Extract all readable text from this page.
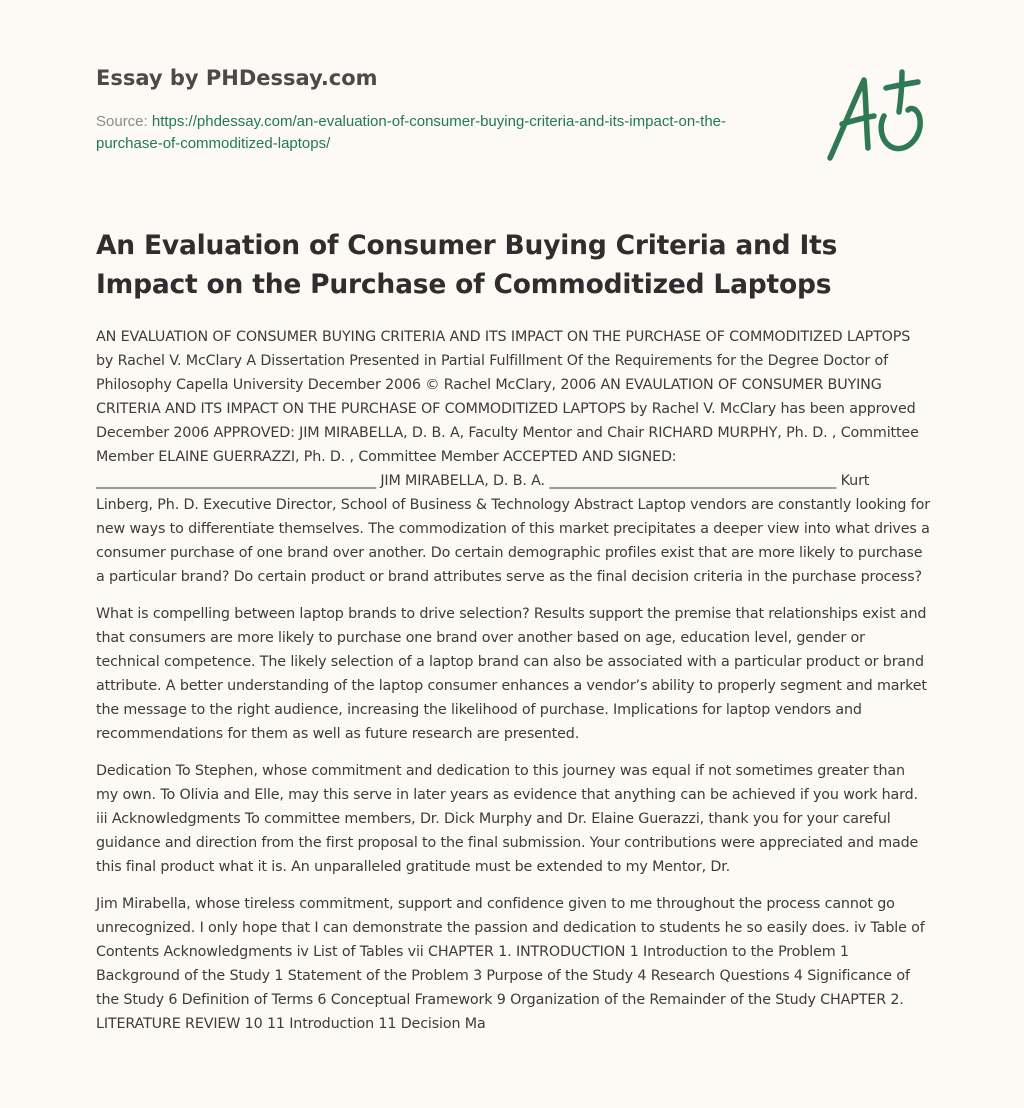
Essay by PHDessay.com
Source: https://phdessay.com/an-evaluation-of-consumer-buying-criteria-and-its-impact-on-the-purchase-of-commoditized-laptops/
An Evaluation of Consumer Buying Criteria and Its Impact on the Purchase of Commoditized Laptops

AN EVALUATION OF CONSUMER BUYING CRITERIA AND ITS IMPACT ON THE PURCHASE OF COMMODITIZED LAPTOPS by Rachel V. McClary A Dissertation Presented in Partial Fulfillment Of the Requirements for the Degree Doctor of Philosophy Capella University December 2006 © Rachel McClary, 2006 AN EVAULATION OF CONSUMER BUYING CRITERIA AND ITS IMPACT ON THE PURCHASE OF COMMODITIZED LAPTOPS by Rachel V. McClary has been approved December 2006 APPROVED: JIM MIRABELLA, D. B. A, Faculty Mentor and Chair RICHARD MURPHY, Ph. D. , Committee Member ELAINE GUERRAZZI, Ph. D. , Committee Member ACCEPTED AND SIGNED: ________________________________________ JIM MIRABELLA, D. B. A. _________________________________________ Kurt Linberg, Ph. D. Executive Director, School of Business & Technology Abstract Laptop vendors are constantly looking for new ways to differentiate themselves. The commodization of this market precipitates a deeper view into what drives a consumer purchase of one brand over another. Do certain demographic profiles exist that are more likely to purchase a particular brand? Do certain product or brand attributes serve as the final decision criteria in the purchase process?

What is compelling between laptop brands to drive selection? Results support the premise that relationships exist and that consumers are more likely to purchase one brand over another based on age, education level, gender or technical competence. The likely selection of a laptop brand can also be associated with a particular product or brand attribute. A better understanding of the laptop consumer enhances a vendor’s ability to properly segment and market the message to the right audience, increasing the likelihood of purchase. Implications for laptop vendors and recommendations for them as well as future research are presented.

Dedication To Stephen, whose commitment and dedication to this journey was equal if not sometimes greater than my own. To Olivia and Elle, may this serve in later years as evidence that anything can be achieved if you work hard. iii Acknowledgments To committee members, Dr. Dick Murphy and Dr. Elaine Guerazzi, thank you for your careful guidance and direction from the first proposal to the final submission. Your contributions were appreciated and made this final product what it is. An unparalleled gratitude must be extended to my Mentor, Dr.

Jim Mirabella, whose tireless commitment, support and confidence given to me throughout the process cannot go unrecognized. I only hope that I can demonstrate the passion and dedication to students he so easily does. iv Table of Contents Acknowledgments iv List of Tables vii CHAPTER 1. INTRODUCTION 1 Introduction to the Problem 1 Background of the Study 1 Statement of the Problem 3 Purpose of the Study 4 Research Questions 4 Significance of the Study 6 Definition of Terms 6 Conceptual Framework 9 Organization of the Remainder of the Study CHAPTER 2. LITERATURE REVIEW 10 11 Introduction 11 Decision Ma
